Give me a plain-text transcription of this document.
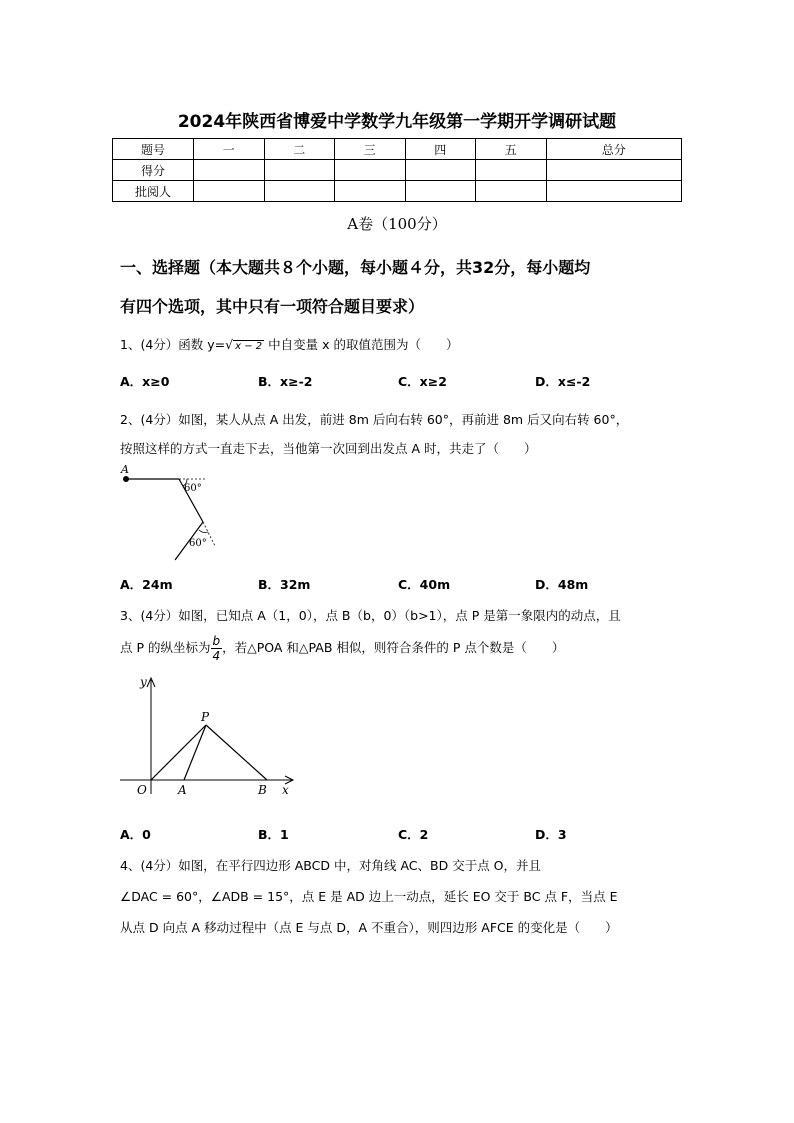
2024年陕西省博爱中学数学九年级第一学期开学调研试题
题号	一	二	三	四	五	总分
得分						
批阅人						
A卷（100分）
一、选择题（本大题共８个小题，每小题４分，共32分，每小题均
有四个选项，其中只有一项符合题目要求）
1、(4分）函数 y=√ x − 2 中自变量 x 的取值范围为（　　）
A．x≥0	B．x≥-2	C．x≥2	D．x≤-2
2、(4分）如图，某人从点 A 出发，前进 8m 后向右转 60°，再前进 8m 后又向右转 60°，
按照这样的方式一直走下去，当他第一次回到出发点 A 时，共走了（　　）
A
60°
60°
A．24m	B．32m	C．40m	D．48m
3、(4分）如图，已知点 A（1，0），点 B（b，0）（b>1），点 P 是第一象限内的动点，且
点 P 的纵坐标为 $\frac{b}{4}$ ，若△POA 和△PAB 相似，则符合条件的 P 点个数是（　　）
y
x
O
P
A	B
A．0	B．1	C．2	D．3
4、(4分）如图，在平行四边形 ABCD 中，对角线 AC、BD 交于点 O，并且
∠DAC = 60°，∠ADB = 15°，点 E 是 AD 边上一动点，延长 EO 交于 BC 点 F，当点 E
从点 D 向点 A 移动过程中（点 E 与点 D，A 不重合），则四边形 AFCE 的变化是（　　）
